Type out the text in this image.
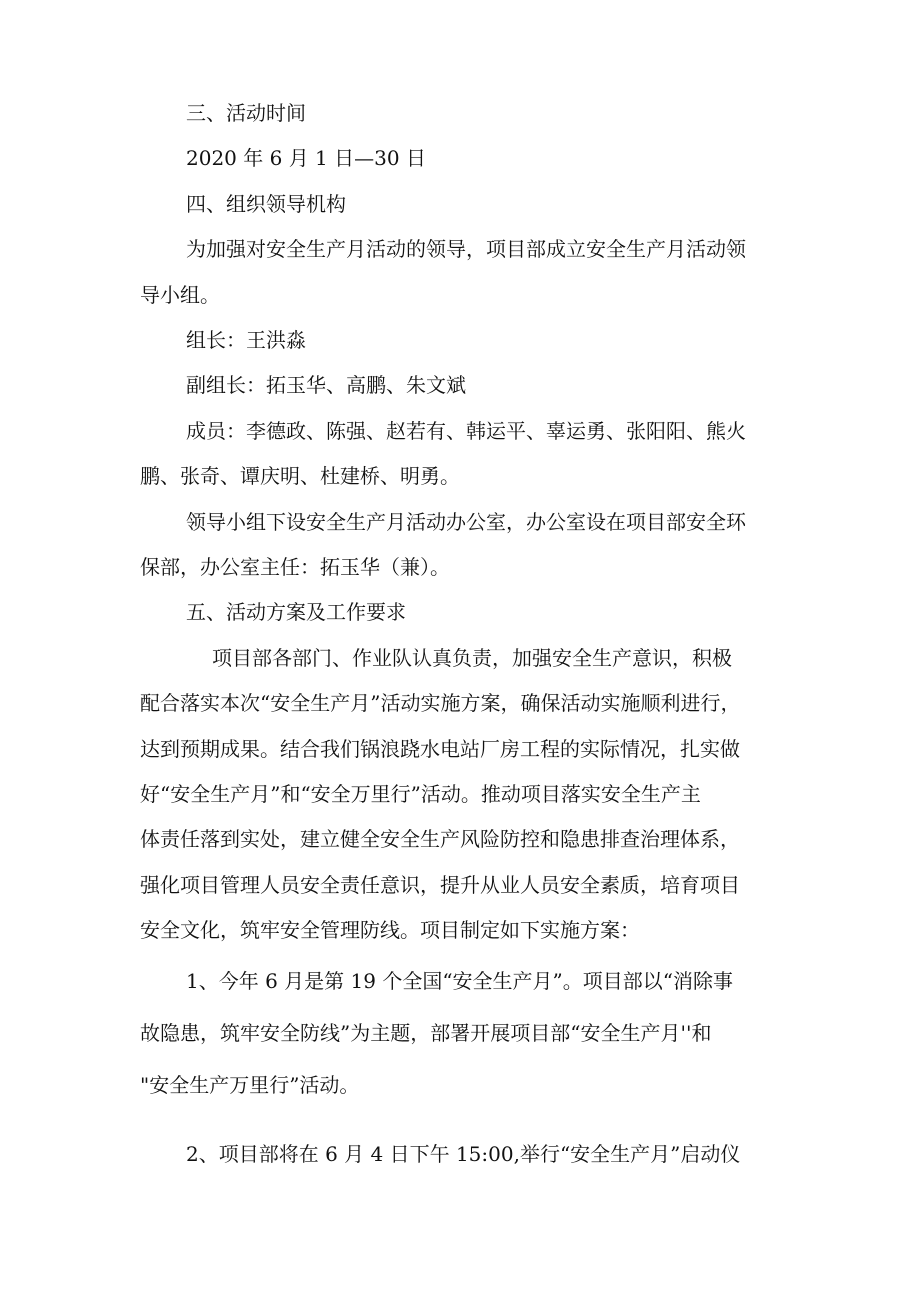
三、活动时间
2020 年 6 月 1 日—30 日
四、组织领导机构
为加强对安全生产月活动的领导，项目部成立安全生产月活动领
导小组。
组长：王洪淼
副组长：拓玉华、高鹏、朱文斌
成员：李德政、陈强、赵若有、韩运平、辜运勇、张阳阳、熊火
鹏、张奇、谭庆明、杜建桥、明勇。
领导小组下设安全生产月活动办公室，办公室设在项目部安全环
保部，办公室主任：拓玉华（兼）。
五、活动方案及工作要求
项目部各部门、作业队认真负责，加强安全生产意识，积极
配合落实本次“安全生产月”活动实施方案，确保活动实施顺利进行，
达到预期成果。结合我们锅浪跷水电站厂房工程的实际情况，扎实做
好“安全生产月”和“安全万里行”活动。推动项目落实安全生产主
体责任落到实处，建立健全安全生产风险防控和隐患排查治理体系，
强化项目管理人员安全责任意识，提升从业人员安全素质，培育项目
安全文化，筑牢安全管理防线。项目制定如下实施方案：
1、今年 6 月是第 19 个全国“安全生产月”。项目部以“消除事
故隐患，筑牢安全防线”为主题，部署开展项目部“安全生产月''和
"安全生产万里行”活动。
2、项目部将在 6 月 4 日下午 15:00,举行“安全生产月”启动仪
